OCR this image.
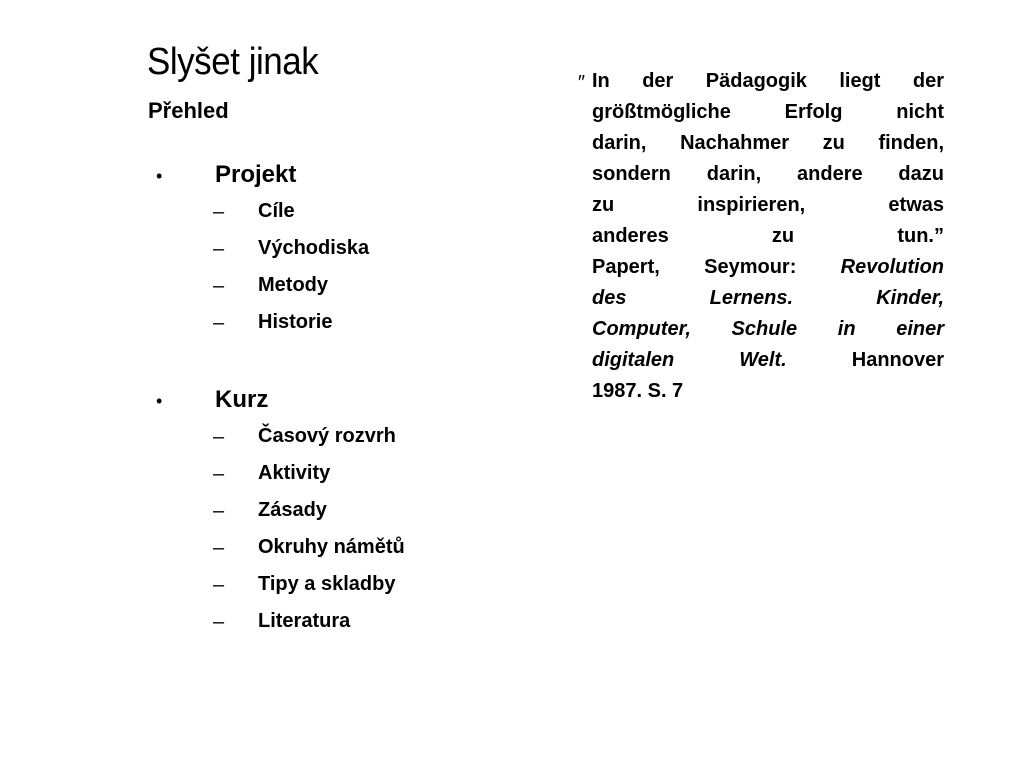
Slyšet jinak
Přehled
• Projekt
– Cíle
– Východiska
– Metody
– Historie
• Kurz
– Časový rozvrh
– Aktivity
– Zásady
– Okruhy námětů
– Tipy a skladby
– Literatura
″ In der Pädagogik liegt der
größtmögliche Erfolg nicht
darin, Nachahmer zu finden,
sondern darin, andere dazu
zu inspirieren, etwas
anderes zu tun.”
Papert, Seymour: Revolution
des Lernens. Kinder,
Computer, Schule in einer
digitalen Welt.	Hannover
1987. S. 7
